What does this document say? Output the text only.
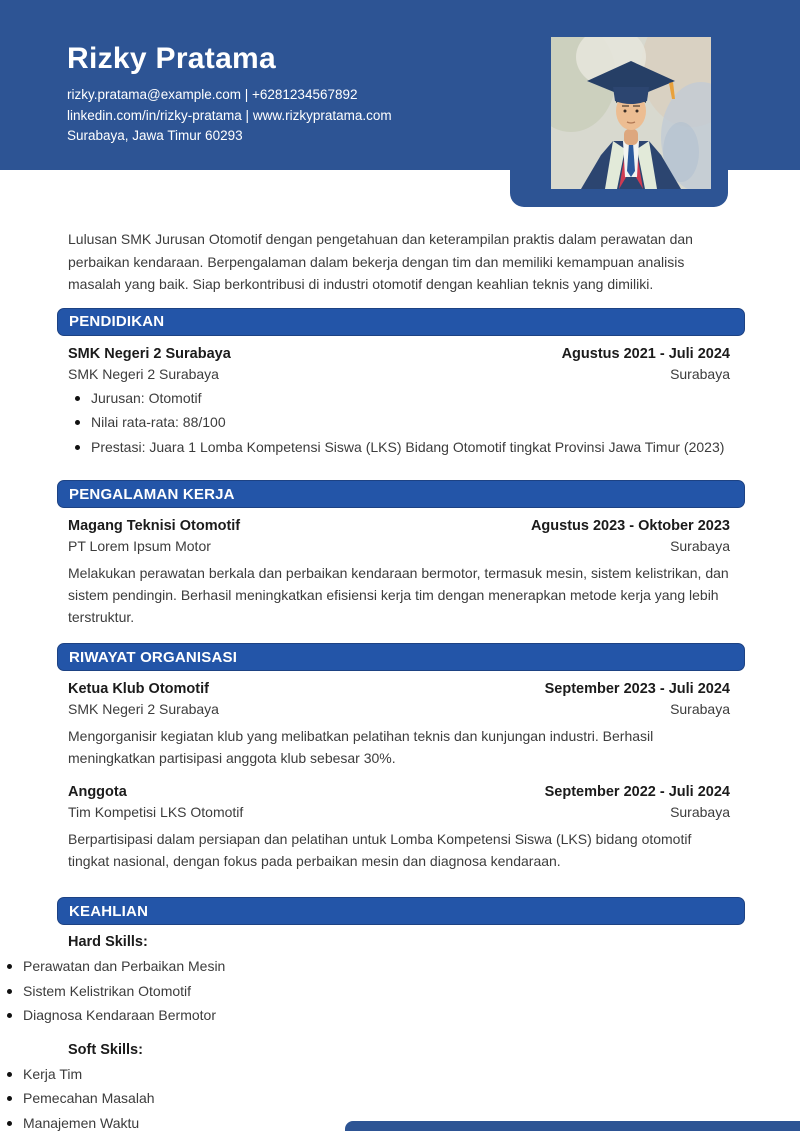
Rizky Pratama
rizky.pratama@example.com | +6281234567892
linkedin.com/in/rizky-pratama | www.rizkypratama.com
Surabaya, Jawa Timur 60293

Lulusan SMK Jurusan Otomotif dengan pengetahuan dan keterampilan praktis dalam perawatan dan perbaikan kendaraan. Berpengalaman dalam bekerja dengan tim dan memiliki kemampuan analisis masalah yang baik. Siap berkontribusi di industri otomotif dengan keahlian teknis yang dimiliki.

PENDIDIKAN
SMK Negeri 2 Surabaya	Agustus 2021 - Juli 2024
SMK Negeri 2 Surabaya	Surabaya
Jurusan: Otomotif
Nilai rata-rata: 88/100
Prestasi: Juara 1 Lomba Kompetensi Siswa (LKS) Bidang Otomotif tingkat Provinsi Jawa Timur (2023)
PENGALAMAN KERJA
Magang Teknisi Otomotif	Agustus 2023 - Oktober 2023
PT Lorem Ipsum Motor	Surabaya

Melakukan perawatan berkala dan perbaikan kendaraan bermotor, termasuk mesin, sistem kelistrikan, dan sistem pendingin. Berhasil meningkatkan efisiensi kerja tim dengan menerapkan metode kerja yang lebih terstruktur.

RIWAYAT ORGANISASI
Ketua Klub Otomotif	September 2023 - Juli 2024
SMK Negeri 2 Surabaya	Surabaya

Mengorganisir kegiatan klub yang melibatkan pelatihan teknis dan kunjungan industri. Berhasil meningkatkan partisipasi anggota klub sebesar 30%.

Anggota	September 2022 - Juli 2024
Tim Kompetisi LKS Otomotif	Surabaya

Berpartisipasi dalam persiapan dan pelatihan untuk Lomba Kompetensi Siswa (LKS) bidang otomotif tingkat nasional, dengan fokus pada perbaikan mesin dan diagnosa kendaraan.

KEAHLIAN
Hard Skills:
Perawatan dan Perbaikan Mesin
Sistem Kelistrikan Otomotif
Diagnosa Kendaraan Bermotor
Soft Skills:
Kerja Tim
Pemecahan Masalah
Manajemen Waktu
